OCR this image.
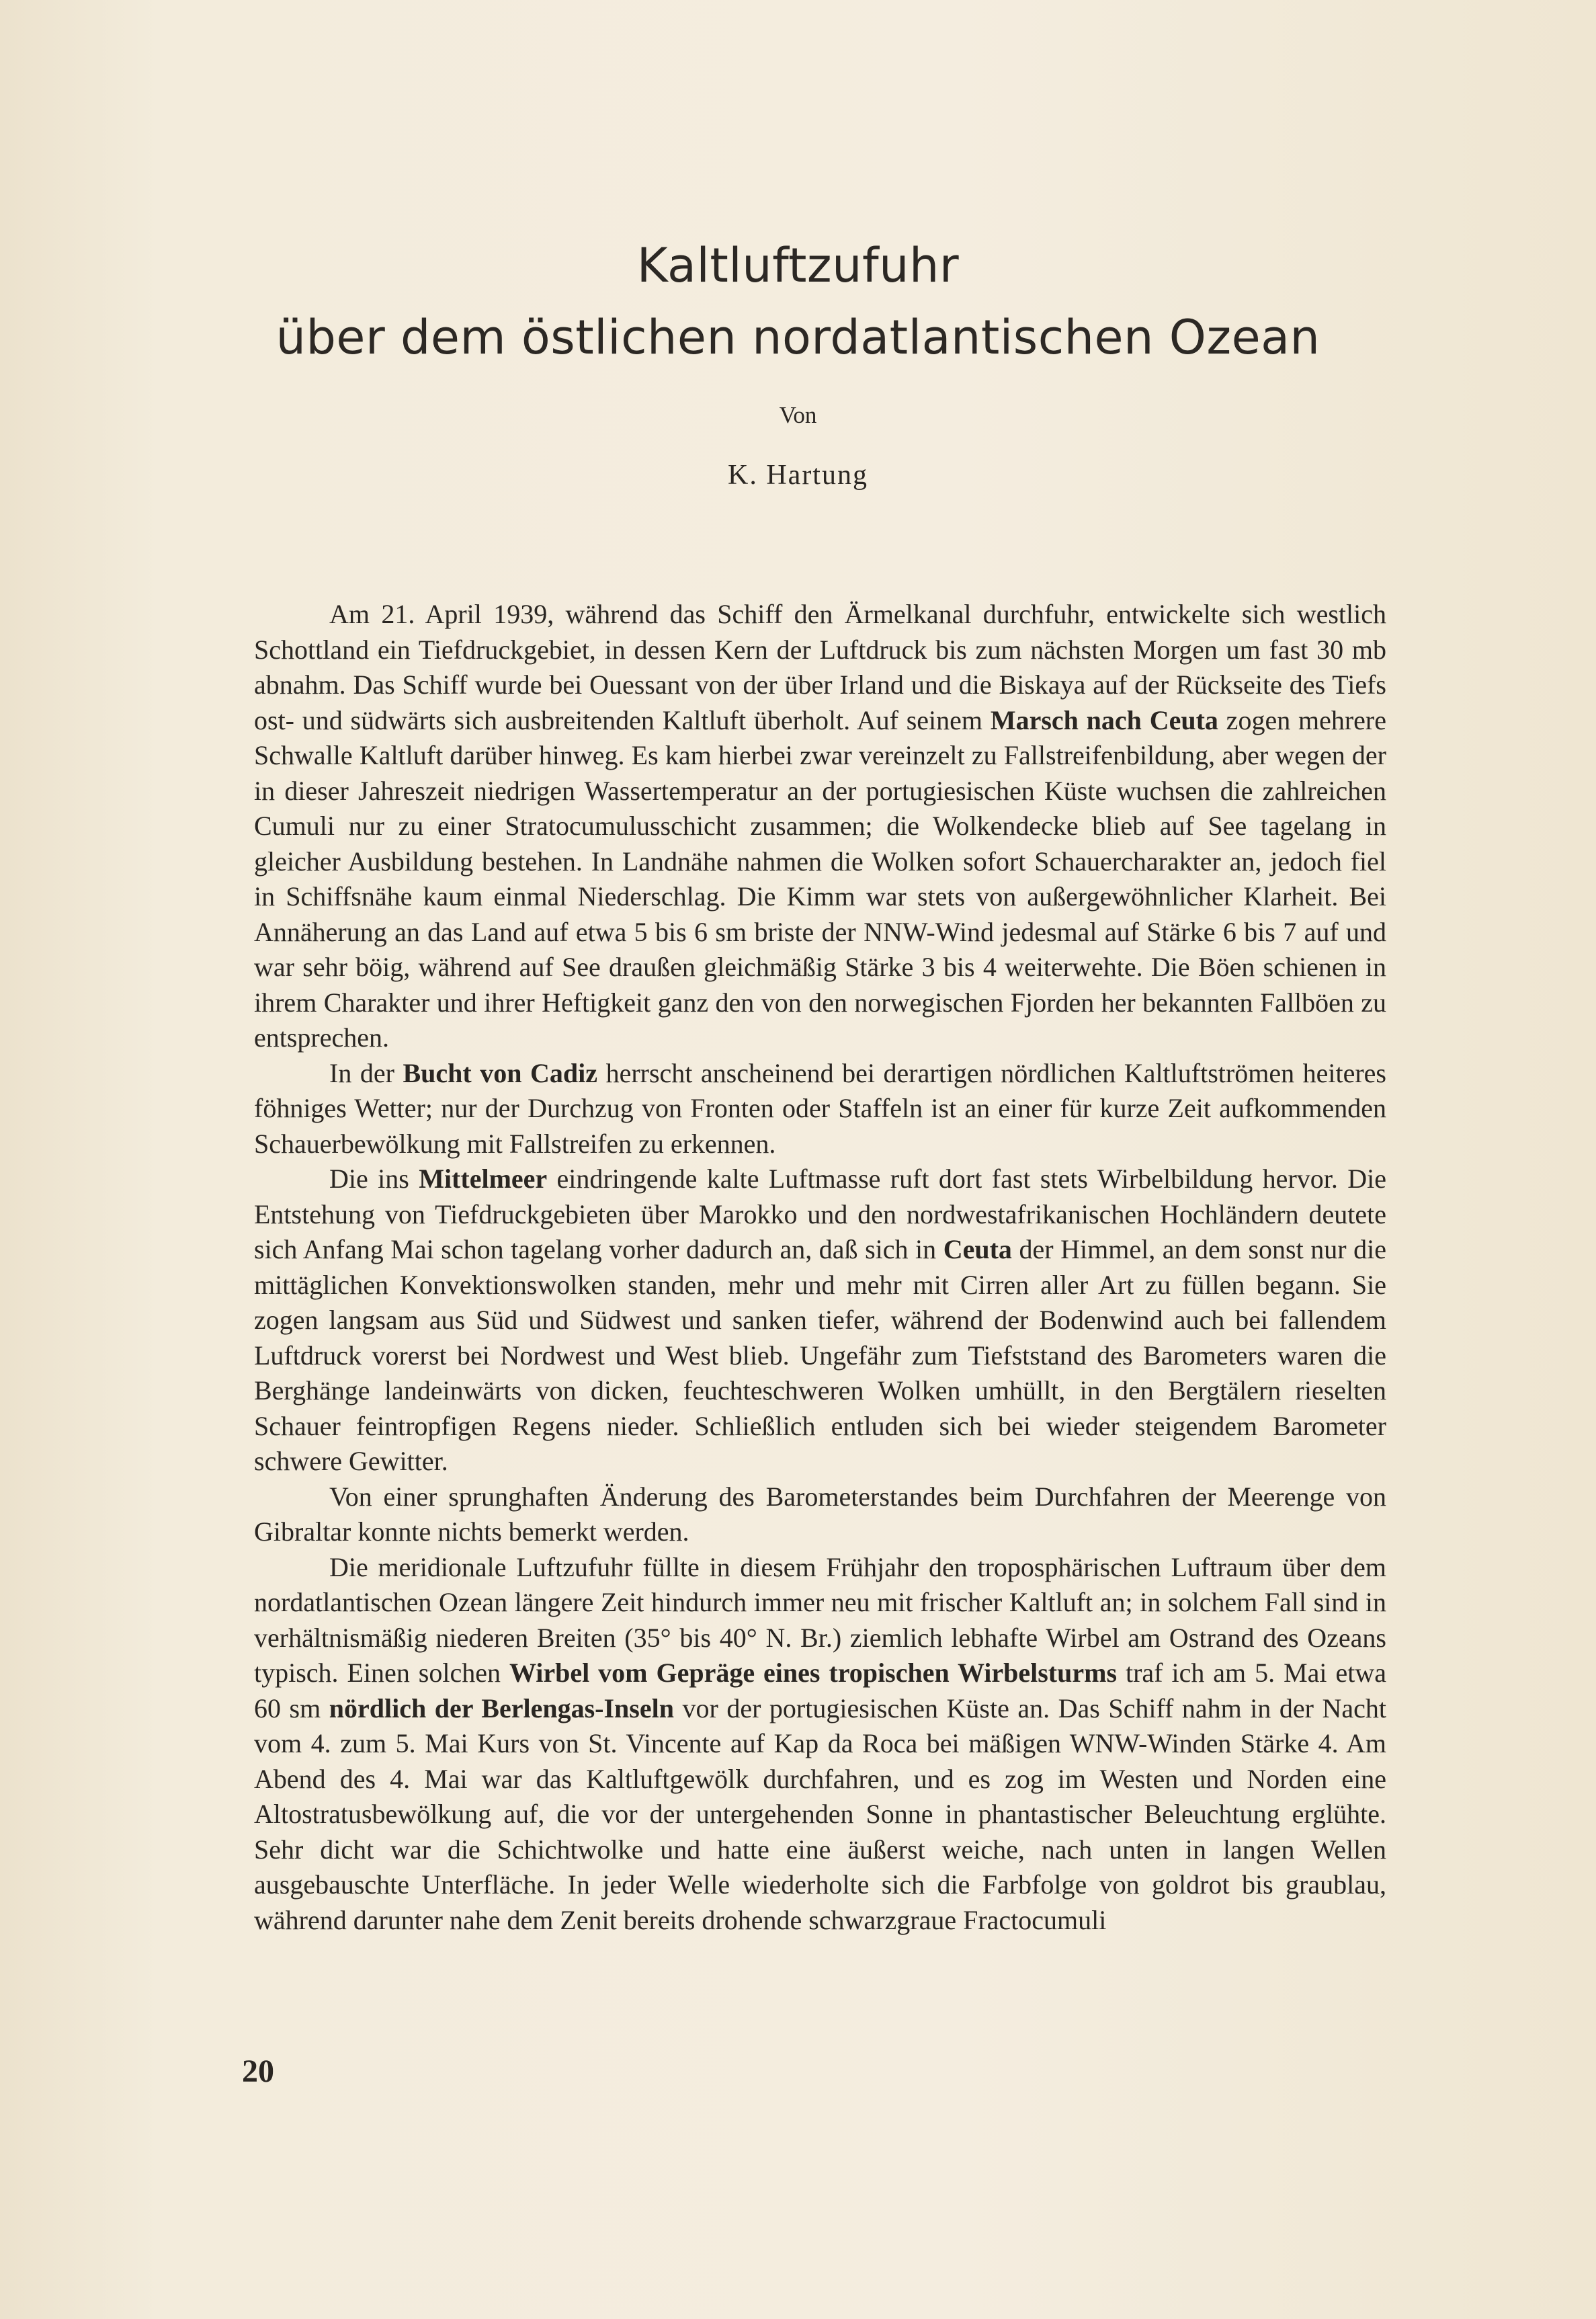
Kaltluftzufuhr
über dem östlichen nordatlantischen Ozean
Von
K. Hartung

Am 21. April 1939, während das Schiff den Ärmelkanal durchfuhr, entwickelte sich westlich Schottland ein Tiefdruckgebiet, in dessen Kern der Luftdruck bis zum nächsten Morgen um fast 30 mb abnahm. Das Schiff wurde bei Ouessant von der über Irland und die Biskaya auf der Rückseite des Tiefs ost- und südwärts sich ausbreitenden Kaltluft überholt. Auf seinem Marsch nach Ceuta zogen mehrere Schwalle Kaltluft darüber hinweg. Es kam hierbei zwar vereinzelt zu Fallstreifenbildung, aber wegen der in dieser Jahreszeit niedrigen Wassertemperatur an der portugiesischen Küste wuchsen die zahlreichen Cumuli nur zu einer Stratocumulusschicht zusammen; die Wolkendecke blieb auf See tagelang in gleicher Ausbildung bestehen. In Landnähe nahmen die Wolken sofort Schauercharakter an, jedoch fiel in Schiffsnähe kaum einmal Niederschlag. Die Kimm war stets von außergewöhnlicher Klarheit. Bei Annäherung an das Land auf etwa 5 bis 6 sm briste der NNW-Wind jedesmal auf Stärke 6 bis 7 auf und war sehr böig, während auf See draußen gleichmäßig Stärke 3 bis 4 weiterwehte. Die Böen schienen in ihrem Charakter und ihrer Heftigkeit ganz den von den norwegischen Fjorden her bekannten Fallböen zu entsprechen.

In der Bucht von Cadiz herrscht anscheinend bei derartigen nördlichen Kaltluftströmen heiteres föhniges Wetter; nur der Durchzug von Fronten oder Staffeln ist an einer für kurze Zeit aufkommenden Schauerbewölkung mit Fallstreifen zu erkennen.

Die ins Mittelmeer eindringende kalte Luftmasse ruft dort fast stets Wirbelbildung hervor. Die Entstehung von Tiefdruckgebieten über Marokko und den nordwestafrikanischen Hochländern deutete sich Anfang Mai schon tagelang vorher dadurch an, daß sich in Ceuta der Himmel, an dem sonst nur die mittäglichen Konvektionswolken standen, mehr und mehr mit Cirren aller Art zu füllen begann. Sie zogen langsam aus Süd und Südwest und sanken tiefer, während der Bodenwind auch bei fallendem Luftdruck vorerst bei Nordwest und West blieb. Ungefähr zum Tiefststand des Barometers waren die Berghänge landeinwärts von dicken, feuchteschweren Wolken umhüllt, in den Bergtälern rieselten Schauer feintropfigen Regens nieder. Schließlich entluden sich bei wieder steigendem Barometer schwere Gewitter.

Von einer sprunghaften Änderung des Barometerstandes beim Durchfahren der Meerenge von Gibraltar konnte nichts bemerkt werden.

Die meridionale Luftzufuhr füllte in diesem Frühjahr den troposphärischen Luftraum über dem nordatlantischen Ozean längere Zeit hindurch immer neu mit frischer Kaltluft an; in solchem Fall sind in verhältnismäßig niederen Breiten (35° bis 40° N. Br.) ziemlich lebhafte Wirbel am Ostrand des Ozeans typisch. Einen solchen Wirbel vom Gepräge eines tropischen Wirbelsturms traf ich am 5. Mai etwa 60 sm nördlich der Berlengas-Inseln vor der portugiesischen Küste an. Das Schiff nahm in der Nacht vom 4. zum 5. Mai Kurs von St. Vincente auf Kap da Roca bei mäßigen WNW-Winden Stärke 4. Am Abend des 4. Mai war das Kaltluftgewölk durchfahren, und es zog im Westen und Norden eine Altostratusbewölkung auf, die vor der untergehenden Sonne in phantastischer Beleuchtung erglühte. Sehr dicht war die Schichtwolke und hatte eine äußerst weiche, nach unten in langen Wellen ausgebauschte Unterfläche. In jeder Welle wiederholte sich die Farbfolge von goldrot bis graublau, während darunter nahe dem Zenit bereits drohende schwarzgraue Fractocumuli

20
